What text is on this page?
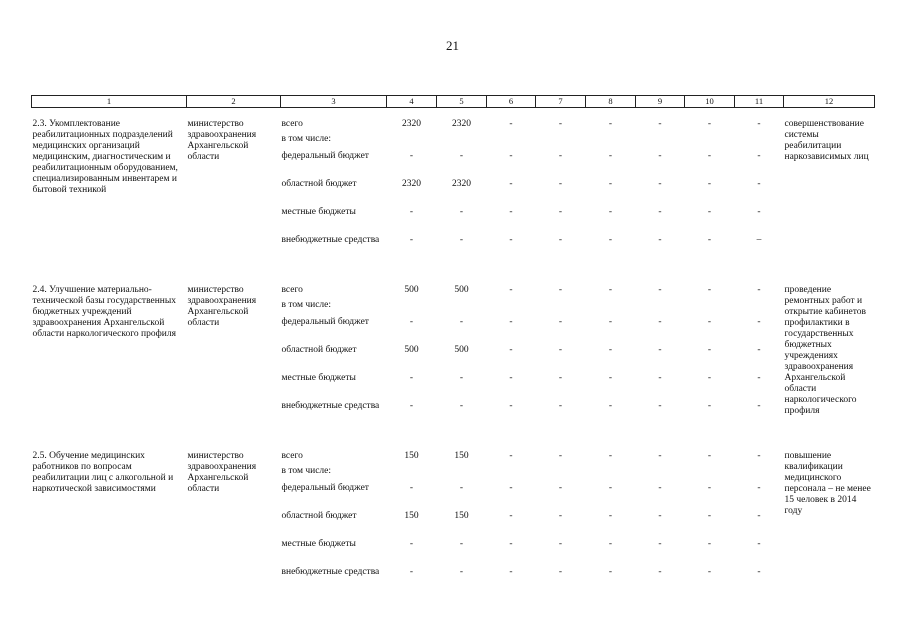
21
1	2	3	4	5	6	7	8	9	10	11	12

2.3. Укомплектование реабилитационных подразделений медицинских организаций медицинским, диагностическим и реабилитационным оборудованием, специализированным инвентарем и бытовой техникой	министерство здравоохранения Архангельской области	всего	2320	2320	-	-	-	-	-	-	совершенствование системы реабилитации наркозависимых лиц
		в том числе:									
		федеральный бюджет	-	-	-	-	-	-	-	-	
		областной бюджет	2320	2320	-	-	-	-	-	-	
		местные бюджеты	-	-	-	-	-	-	-	-	
		внебюджетные средства	-	-	-	-	-	-	-	–	

2.4. Улучшение материально-технической базы государственных бюджетных учреждений здравоохранения Архангельской области наркологического профиля	министерство здравоохранения Архангельской области	всего	500	500	-	-	-	-	-	-	проведение ремонтных работ и открытие кабинетов профилактики в государственных бюджетных учреждениях здравоохранения Архангельской области наркологического профиля
		в том числе:									
		федеральный бюджет	-	-	-	-	-	-	-	-	
		областной бюджет	500	500	-	-	-	-	-	-	
		местные бюджеты	-	-	-	-	-	-	-	-	
		внебюджетные средства	-	-	-	-	-	-	-	-	

2.5. Обучение медицинских работников по вопросам реабилитации лиц с алкогольной и наркотической зависимостями	министерство здравоохранения Архангельской области	всего	150	150	-	-	-	-	-	-	повышение квалификации медицинского персонала – не менее 15 человек в 2014 году
		в том числе:									
		федеральный бюджет	-	-	-	-	-	-	-	-	
		областной бюджет	150	150	-	-	-	-	-	-	
		местные бюджеты	-	-	-	-	-	-	-	-	
		внебюджетные средства	-	-	-	-	-	-	-	-	
